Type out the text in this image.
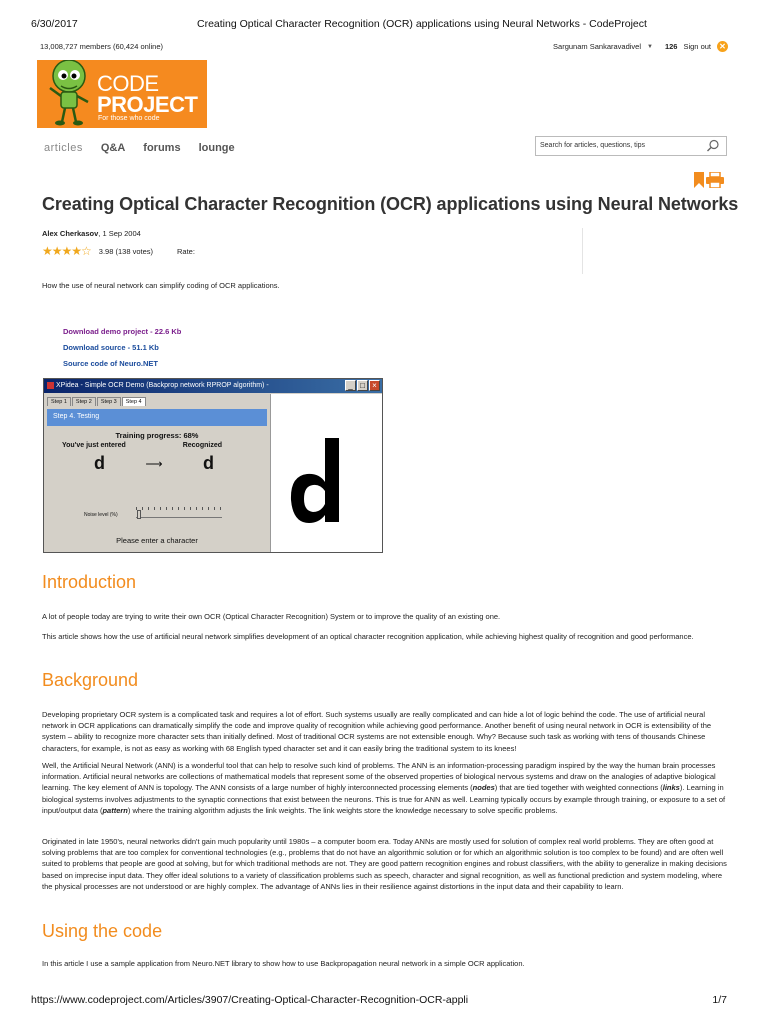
6/30/2017	Creating Optical Character Recognition (OCR) applications using Neural Networks - CodeProject
13,008,727 members (60,424 online)	Sargunam Sankaravadivel ▼ 126 Sign out ✕
CODE
PROJECT
For those who code
articles Q&A forums lounge	Search for articles, questions, tips
Creating Optical Character Recognition (OCR) applications using Neural Networks
Alex Cherkasov, 1 Sep 2004
★★★★☆ 3.98 (138 votes)	Rate:

How the use of neural network can simplify coding of OCR applications.

Download demo project - 22.6 Kb
Download source - 51.1 Kb
Source code of Neuro.NET
XPidea - Simple OCR Demo (Backprop network RPROP algorithm) -	_ □ ×
Step 1	Step 2	Step 3	Step 4
Step 4. Testing
Training progress: 68%
You've just entered	Recognized
d	⟶ d
Noise level (%)
Please enter a character
Introduction

A lot of people today are trying to write their own OCR (Optical Character Recognition) System or to improve the quality of an existing one.

This article shows how the use of artificial neural network simplifies development of an optical character recognition application, while achieving highest quality of recognition and good performance.

Background

Developing proprietary OCR system is a complicated task and requires a lot of effort. Such systems usually are really complicated and can hide a lot of logic behind the code. The use of artificial neural network in OCR applications can dramatically simplify the code and improve quality of recognition while achieving good performance. Another benefit of using neural network in OCR is extensibility of the system – ability to recognize more character sets than initially defined. Most of traditional OCR systems are not extensible enough. Why? Because such task as working with tens of thousands Chinese characters, for example, is not as easy as working with 68 English typed character set and it can easily bring the traditional system to its knees!

Well, the Artificial Neural Network (ANN) is a wonderful tool that can help to resolve such kind of problems. The ANN is an information-processing paradigm inspired by the way the human brain processes information. Artificial neural networks are collections of mathematical models that represent some of the observed properties of biological nervous systems and draw on the analogies of adaptive biological learning. The key element of ANN is topology. The ANN consists of a large number of highly interconnected processing elements (nodes) that are tied together with weighted connections (links). Learning in biological systems involves adjustments to the synaptic connections that exist between the neurons. This is true for ANN as well. Learning typically occurs by example through training, or exposure to a set of input/output data (pattern) where the training algorithm adjusts the link weights. The link weights store the knowledge necessary to solve specific problems.

Originated in late 1950's, neural networks didn't gain much popularity until 1980s – a computer boom era. Today ANNs are mostly used for solution of complex real world problems. They are often good at solving problems that are too complex for conventional technologies (e.g., problems that do not have an algorithmic solution or for which an algorithmic solution is too complex to be found) and are often well suited to problems that people are good at solving, but for which traditional methods are not. They are good pattern recognition engines and robust classifiers, with the ability to generalize in making decisions based on imprecise input data. They offer ideal solutions to a variety of classification problems such as speech, character and signal recognition, as well as functional prediction and system modeling, where the physical processes are not understood or are highly complex. The advantage of ANNs lies in their resilience against distortions in the input data and their capability to learn.

Using the code

In this article I use a sample application from Neuro.NET library to show how to use Backpropagation neural network in a simple OCR application.

https://www.codeproject.com/Articles/3907/Creating-Optical-Character-Recognition-OCR-appli	1/7
